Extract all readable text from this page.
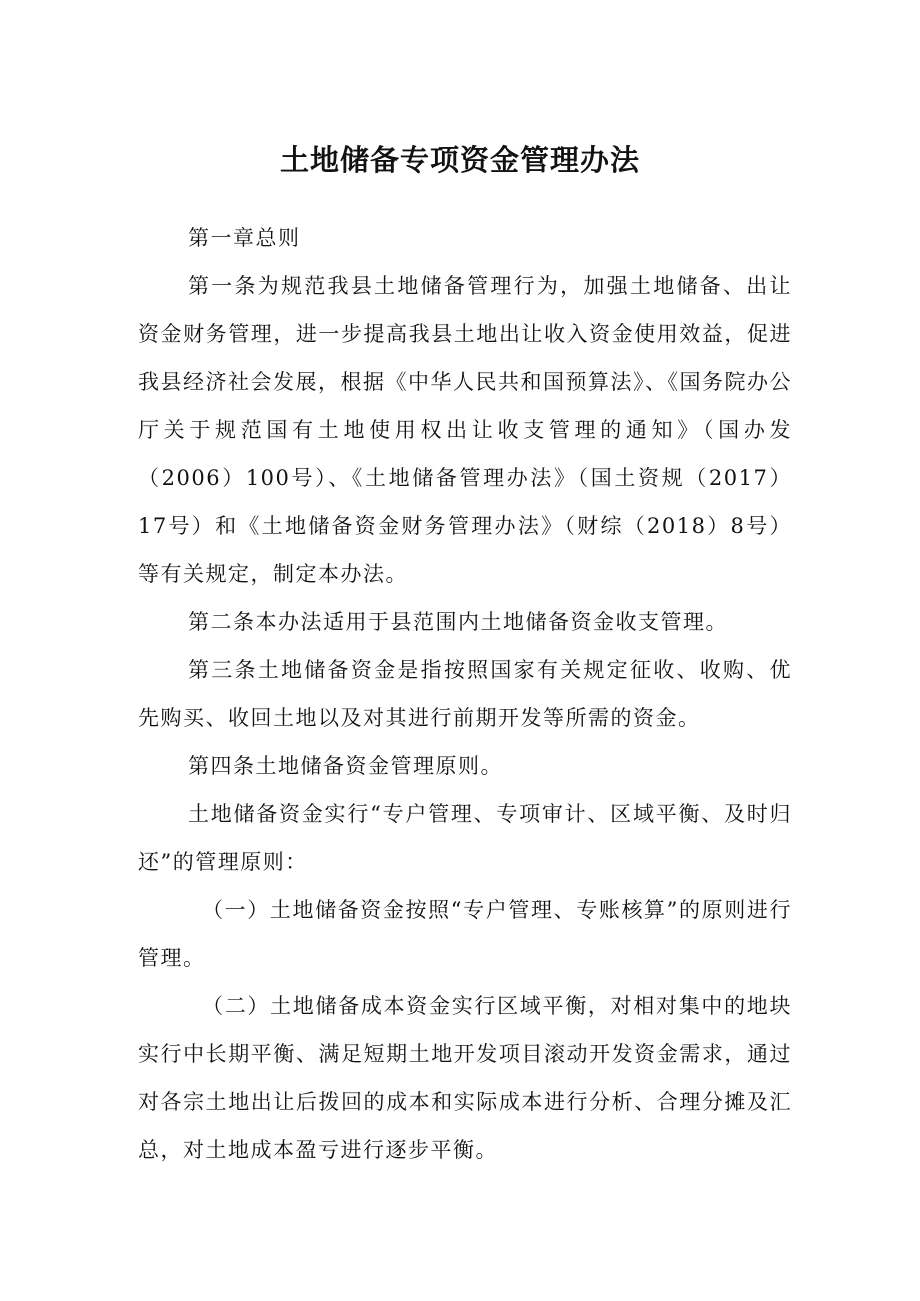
土地储备专项资金管理办法

第一章总则

第一条为规范我县土地储备管理行为，加强土地储备、出让资金财务管理，进一步提高我县土地出让收入资金使用效益，促进我县经济社会发展，根据《中华人民共和国预算法》、《国务院办公厅关于规范国有土地使用权出让收支管理的通知》（国办发（2006）100号）、《土地储备管理办法》（国土资规（2017）17号）和《土地储备资金财务管理办法》（财综（2018）8号）等有关规定，制定本办法。

第二条本办法适用于县范围内土地储备资金收支管理。

第三条土地储备资金是指按照国家有关规定征收、收购、优先购买、收回土地以及对其进行前期开发等所需的资金。

第四条土地储备资金管理原则。

土地储备资金实行“专户管理、专项审计、区域平衡、及时归还”的管理原则：

（一）土地储备资金按照“专户管理、专账核算”的原则进行管理。

（二）土地储备成本资金实行区域平衡，对相对集中的地块实行中长期平衡、满足短期土地开发项目滚动开发资金需求，通过对各宗土地出让后拨回的成本和实际成本进行分析、合理分摊及汇总，对土地成本盈亏进行逐步平衡。
